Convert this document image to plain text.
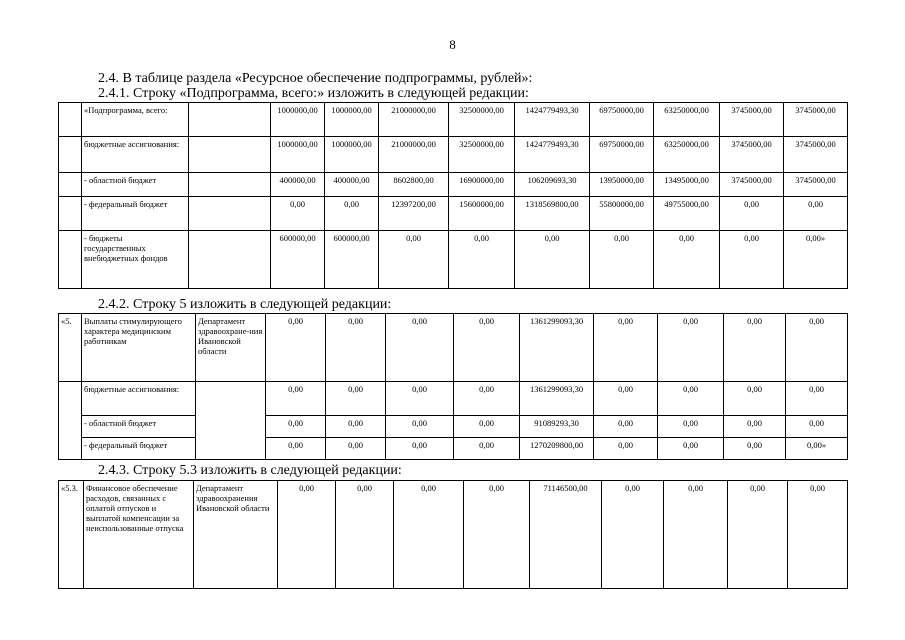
8
2.4. В таблице раздела «Ресурсное обеспечение подпрограммы, рублей»:
2.4.1. Строку «Подпрограмма, всего:» изложить в следующей редакции:
	«Подпрограмма, всего:		1000000,00	1000000,00	21000000,00	32500000,00	1424779493,30	69750000,00	63250000,00	3745000,00	3745000,00
	бюджетные ассигнования:		1000000,00	1000000,00	21000000,00	32500000,00	1424779493,30	69750000,00	63250000,00	3745000,00	3745000,00
	- областной бюджет		400000,00	400000,00	8602800,00	16900000,00	106209693,30	13950000,00	13495000,00	3745000,00	3745000,00
	- федеральный бюджет		0,00	0,00	12397200,00	15600000,00	1318569800,00	55800000,00	49755000,00	0,00	0,00
	- бюджеты государственных внебюджетных фондов		600000,00	600000,00	0,00	0,00	0,00	0,00	0,00	0,00	0,00»
2.4.2. Строку 5 изложить в следующей редакции:
«5.	Выплаты стимулирующего характера медицинским работникам	Департамент здравоохране-ния Ивановской области	0,00	0,00	0,00	0,00	1361299093,30	0,00	0,00	0,00	0,00
	бюджетные ассигнования:		0,00	0,00	0,00	0,00	1361299093,30	0,00	0,00	0,00	0,00
	- областной бюджет		0,00	0,00	0,00	0,00	91089293,30	0,00	0,00	0,00	0,00
	- федеральный бюджет		0,00	0,00	0,00	0,00	1270209800,00	0,00	0,00	0,00	0,00»
2.4.3. Строку 5.3 изложить в следующей редакции:
«5.3.	Финансовое обеспечение расходов, связанных с оплатой отпусков и выплатой компенсации за неиспользованные отпуска	Департамент здравоохранения Ивановской области	0,00	0,00	0,00	0,00	71146500,00	0,00	0,00	0,00	0,00
